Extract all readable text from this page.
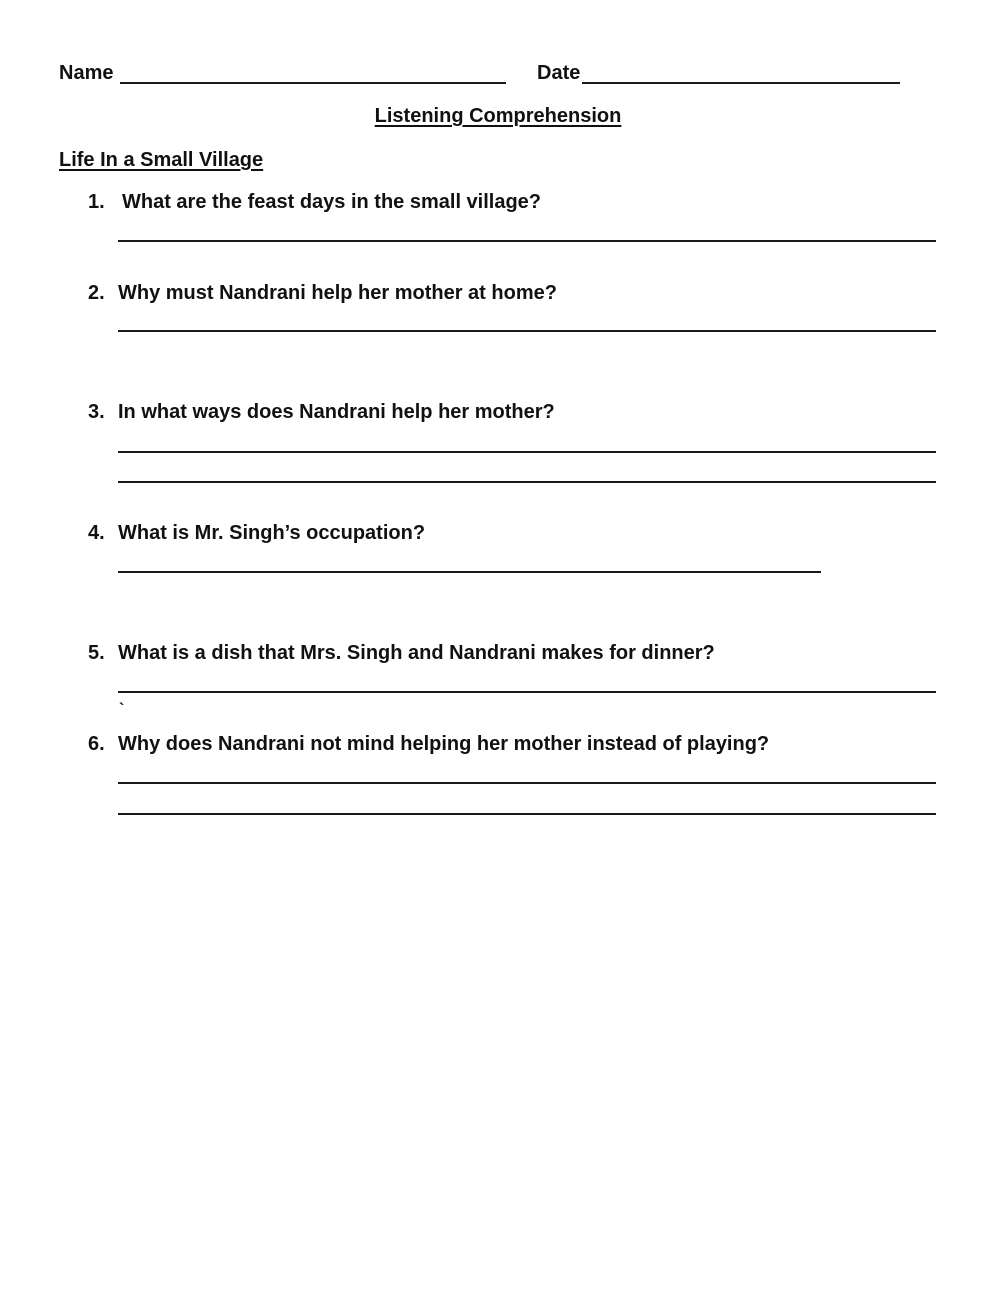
Name	Date
Listening Comprehension
Life In a Small Village
1. What are the feast days in the small village?
2. Why must Nandrani help her mother at home?
3. In what ways does Nandrani help her mother?
4. What is Mr. Singh’s occupation?
5. What is a dish that Mrs. Singh and Nandrani makes for dinner?
`
6. Why does Nandrani not mind helping her mother instead of playing?
